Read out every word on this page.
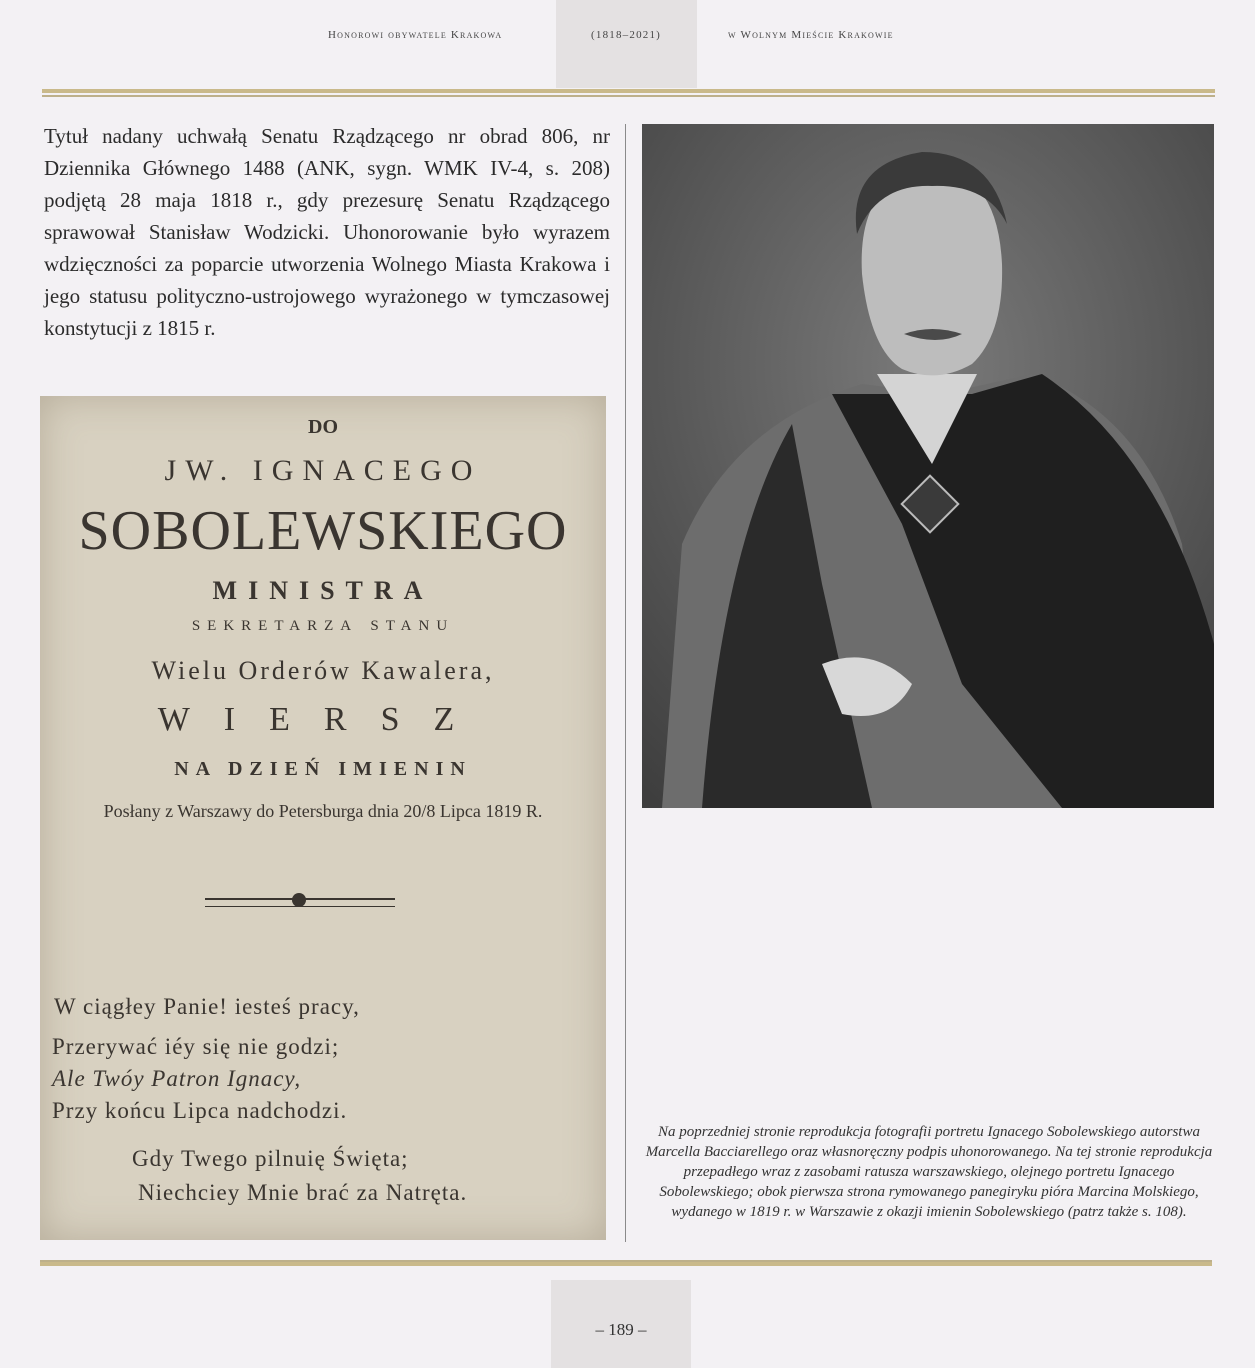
Honorowi obywatele Krakowa	(1818–2021)	w Wolnym Mieście Krakowie
Tytuł nadany uchwałą Senatu Rządzącego nr obrad 806, nr Dziennika Głównego 1488 (ANK, sygn. WMK IV-4, s. 208) podjętą 28 maja 1818 r., gdy prezesurę Senatu Rządzącego sprawował Stanisław Wodzicki. Uhonorowanie było wyrazem wdzięczności za poparcie utworzenia Wolnego Miasta Krakowa i jego statusu polityczno-ustrojowego wyrażonego w tymczasowej konstytucji z 1815 r.
DO
JW. IGNACEGO
SOBOLEWSKIEGO
MINISTRA
sekretarza stanu
Wielu Orderów Kawalera,
WIERSZ
NA DZIEŃ IMIENIN
Posłany z Warszawy do Petersburga dnia 20/8 Lipca 1819 R.
W ciągłey Panie! iesteś pracy,
Przerywać iéy się nie godzi;
Ale Twóy Patron Ignacy,
Przy końcu Lipca nadchodzi.
Gdy Twego pilnuię Święta;
Niechciey Mnie brać za Natręta.
Na poprzedniej stronie reprodukcja fotografii portretu Ignacego Sobolewskiego autorstwa Marcella Bacciarellego oraz własnoręczny podpis uhonorowanego. Na tej stronie reprodukcja przepadłego wraz z zasobami ratusza warszawskiego, olejnego portretu Ignacego Sobolewskiego; obok pierwsza strona rymowanego panegiryku pióra Marcina Molskiego, wydanego w 1819 r. w Warszawie z okazji imienin Sobolewskiego (patrz także s. 108).
– 189 –
